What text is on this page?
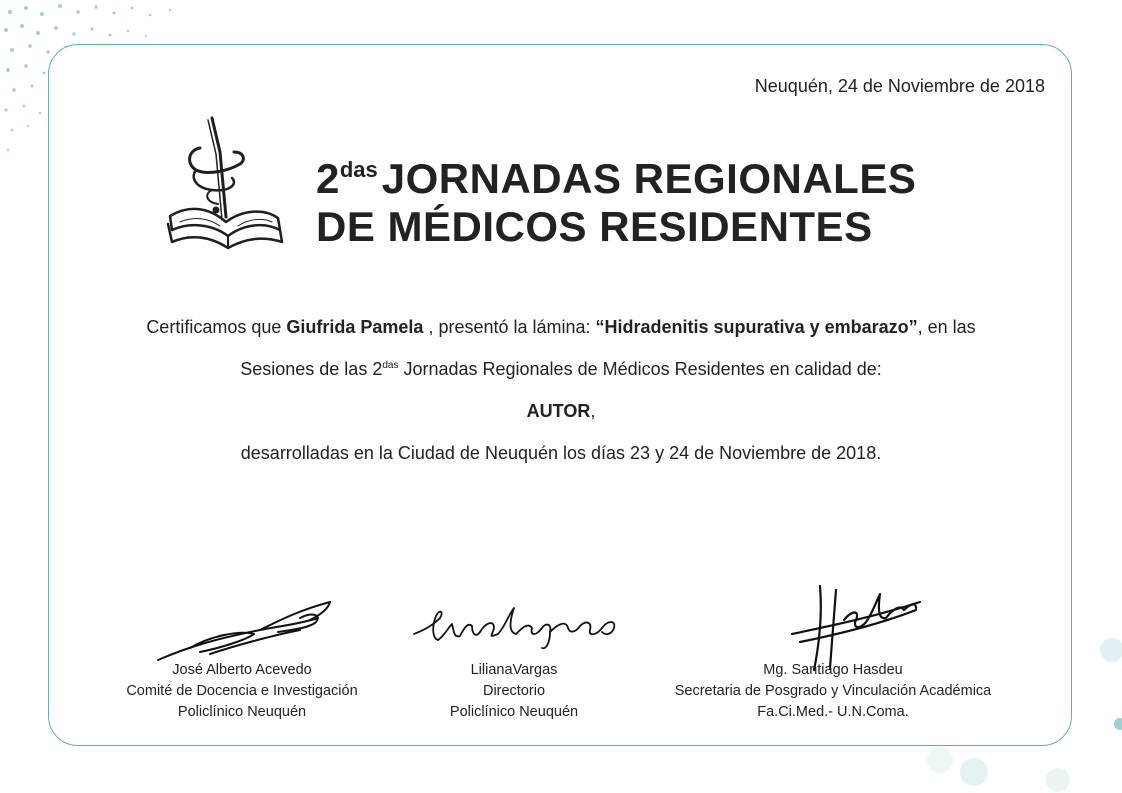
Neuquén, 24 de Noviembre de 2018
$2^{das}JORNADAS$ REGIONALES
DE MÉDICOS RESIDENTES
Certificamos que Giufrida Pamela , presentó la lámina: “Hidradenitis supurativa y embarazo”, en las
Sesiones de las $2^{das}$ Jornadas Regionales de Médicos Residentes en calidad de:
AUTOR,
desarrolladas en la Ciudad de Neuquén los días 23 y 24 de Noviembre de 2018.
José Alberto Acevedo
Comité de Docencia e Investigación
Policlínico Neuquén
LilianaVargas
Directorio
Policlínico Neuquén
Mg. Santiago Hasdeu
Secretaria de Posgrado y Vinculación Académica
Fa.Ci.Med.- U.N.Coma.
